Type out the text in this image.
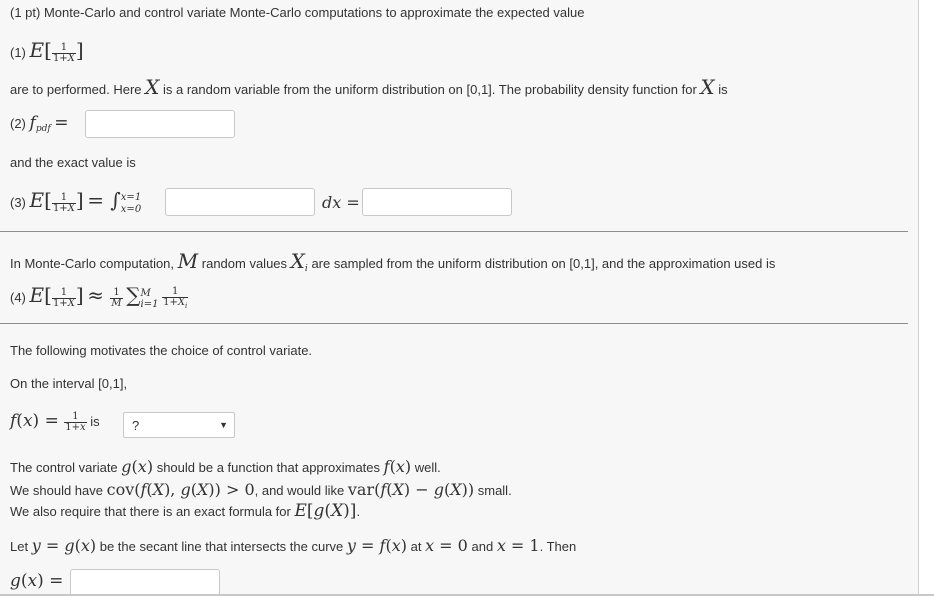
(1 pt) Monte-Carlo and control variate Monte-Carlo computations to approximate the expected value
(1) $E[ \frac{1}{1+X}$ ]
are to performed. Here X is a random variable from the uniform distribution on [0,1]. The probability density function for X is
(2) $f_{pdf}$ =
and the exact value is
(3) $E[ \frac{1}{1+X}$ ] = ∫ x=1
x=0	dx =
In Monte-Carlo computation, M random values $X_i$ are sampled from the uniform distribution on [0,1], and the approximation used is
(4) $E[ \frac{1}{1+X}$ ] ≈ $\frac{1}{M}$ ∑ M
i=1
$\frac{1}{1+X_i}$
The following motivates the choice of control variate.
On the interval [0,1],
$f(x) = \frac{1}{1+x}$ is ?	▼
The control variate g(x) should be a function that approximates f(x) well.
We should have cov(f(X), g(X)) > 0, and would like var(f(X) − g(X)) small.
We also require that there is an exact formula for E[g(X)].
Let y = g(x) be the secant line that intersects the curve y = f(x) at x = 0 and x = 1. Then
g(x) =
